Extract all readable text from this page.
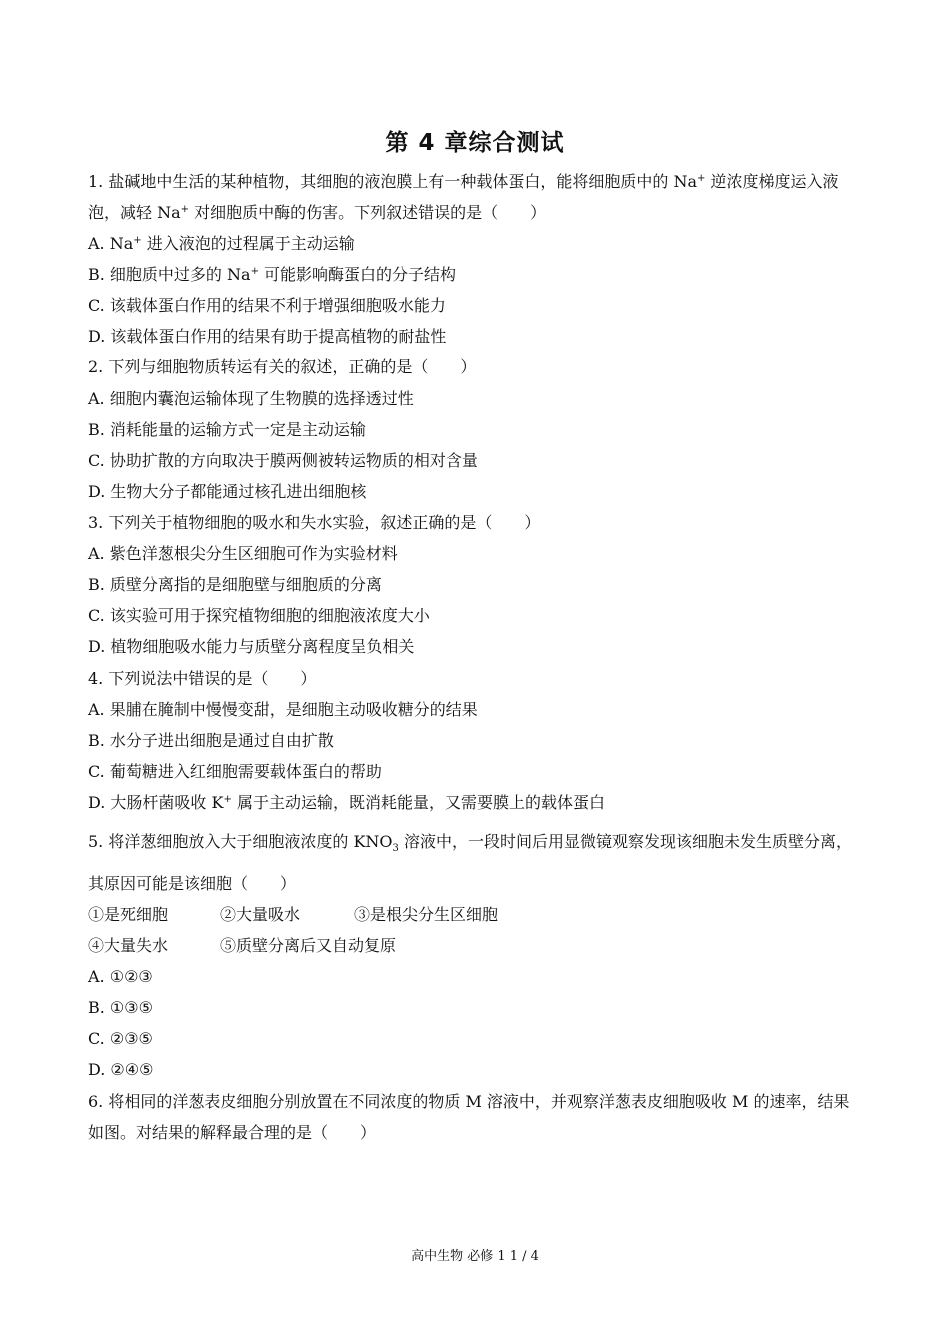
第 4 章综合测试
1. 盐碱地中生活的某种植物，其细胞的液泡膜上有一种载体蛋白，能将细胞质中的 Na+ 逆浓度梯度运入液
泡，减轻 Na+ 对细胞质中酶的伤害。下列叙述错误的是（　　）
A. Na+ 进入液泡的过程属于主动运输
B. 细胞质中过多的 Na+ 可能影响酶蛋白的分子结构
C. 该载体蛋白作用的结果不利于增强细胞吸水能力
D. 该载体蛋白作用的结果有助于提高植物的耐盐性
2. 下列与细胞物质转运有关的叙述，正确的是（　　）
A. 细胞内囊泡运输体现了生物膜的选择透过性
B. 消耗能量的运输方式一定是主动运输
C. 协助扩散的方向取决于膜两侧被转运物质的相对含量
D. 生物大分子都能通过核孔进出细胞核
3. 下列关于植物细胞的吸水和失水实验，叙述正确的是（　　）
A. 紫色洋葱根尖分生区细胞可作为实验材料
B. 质壁分离指的是细胞壁与细胞质的分离
C. 该实验可用于探究植物细胞的细胞液浓度大小
D. 植物细胞吸水能力与质壁分离程度呈负相关
4. 下列说法中错误的是（　　）
A. 果脯在腌制中慢慢变甜，是细胞主动吸收糖分的结果
B. 水分子进出细胞是通过自由扩散
C. 葡萄糖进入红细胞需要载体蛋白的帮助
D. 大肠杆菌吸收 K+ 属于主动运输，既消耗能量，又需要膜上的载体蛋白
5. 将洋葱细胞放入大于细胞液浓度的 $KNO_3$ 溶液中，一段时间后用显微镜观察发现该细胞未发生质壁分离，
其原因可能是该细胞（　　）
①是死细胞	②大量吸水	③是根尖分生区细胞
④大量失水	⑤质壁分离后又自动复原
A. ①②③
B. ①③⑤
C. ②③⑤
D. ②④⑤
6. 将相同的洋葱表皮细胞分别放置在不同浓度的物质 M 溶液中，并观察洋葱表皮细胞吸收 M 的速率，结果
如图。对结果的解释最合理的是（　　）
高中生物 必修 1 1 / 4
